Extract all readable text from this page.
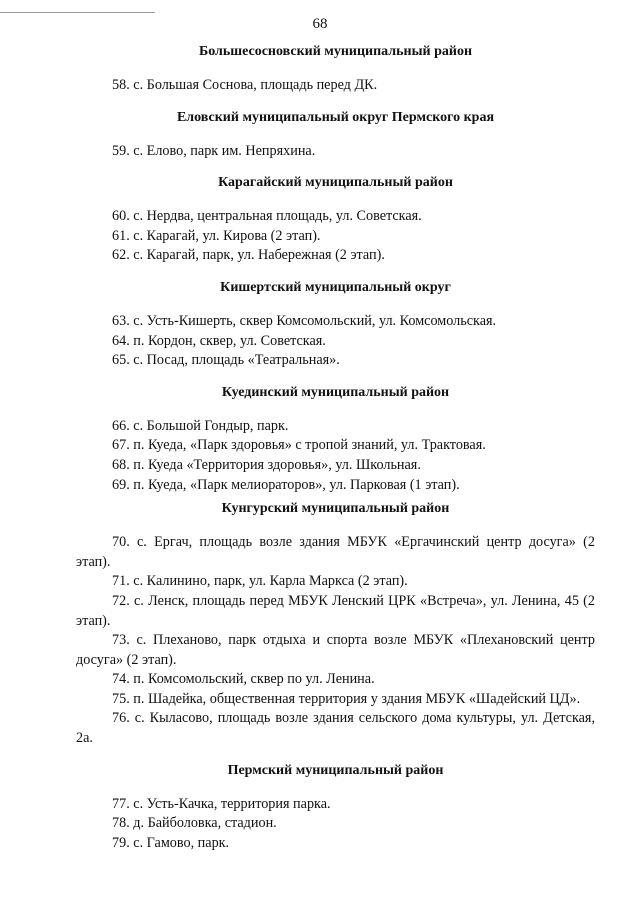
68

Большесосновский муниципальный район

58. с. Большая Соснова, площадь перед ДК.

Еловский муниципальный округ Пермского края

59. с. Елово, парк им. Непряхина.

Карагайский муниципальный район

60. с. Нердва, центральная площадь, ул. Советская.

61. с. Карагай, ул. Кирова (2 этап).

62. с. Карагай, парк, ул. Набережная (2 этап).

Кишертский муниципальный округ

63. с. Усть-Кишерть, сквер Комсомольский, ул. Комсомольская.

64. п. Кордон, сквер, ул. Советская.

65. с. Посад, площадь «Театральная».

Куединский муниципальный район

66. с. Большой Гондыр, парк.

67. п. Куеда, «Парк здоровья» с тропой знаний, ул. Трактовая.

68. п. Куеда «Территория здоровья», ул. Школьная.

69. п. Куеда, «Парк мелиораторов», ул. Парковая (1 этап).

Кунгурский муниципальный район

70. с. Ергач, площадь возле здания МБУК «Ергачинский центр досуга» (2 этап).

71. с. Калинино, парк, ул. Карла Маркса (2 этап).

72. с. Ленск, площадь перед МБУК Ленский ЦРК «Встреча», ул. Ленина, 45 (2 этап).

73. с. Плеханово, парк отдыха и спорта возле МБУК «Плехановский центр досуга» (2 этап).

74. п. Комсомольский, сквер по ул. Ленина.

75. п. Шадейка, общественная территория у здания МБУК «Шадейский ЦД».

76. с. Кыласово, площадь возле здания сельского дома культуры, ул. Детская, 2а.

Пермский муниципальный район

77. с. Усть-Качка, территория парка.

78. д. Байболовка, стадион.

79. с. Гамово, парк.
